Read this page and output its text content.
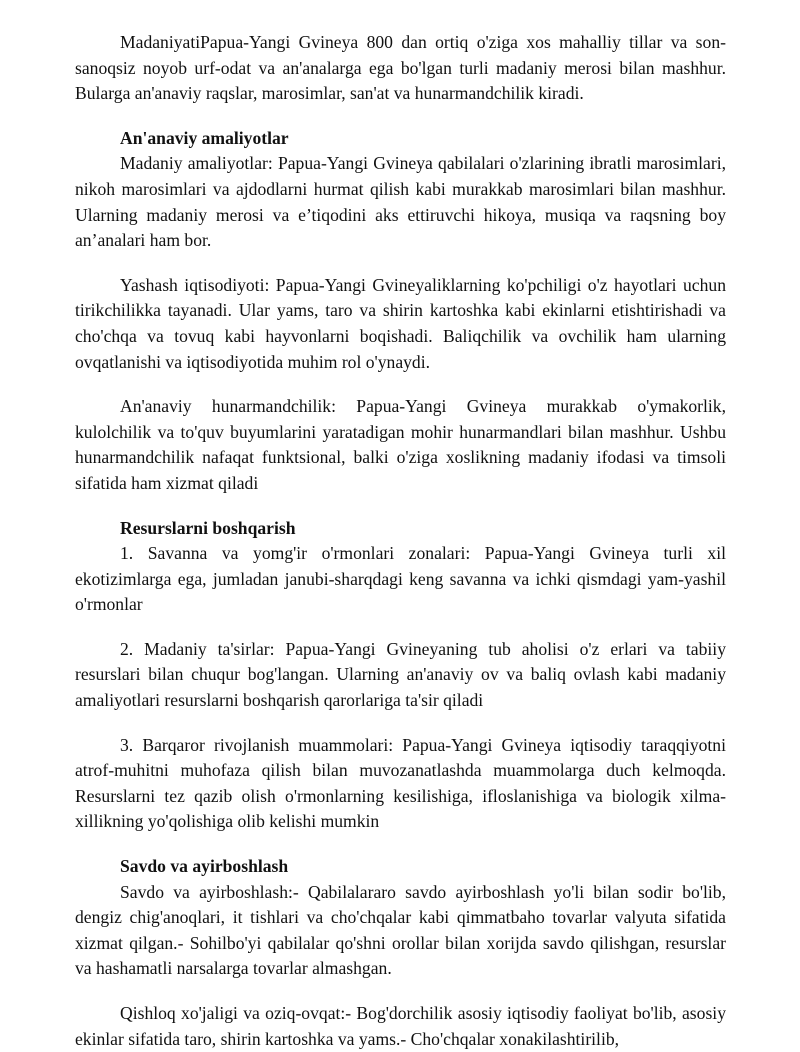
MadaniyatiPapua-Yangi Gvineya 800 dan ortiq o'ziga xos mahalliy tillar va son-sanoqsiz noyob urf-odat va an'analarga ega bo'lgan turli madaniy merosi bilan mashhur. Bularga an'anaviy raqslar, marosimlar, san'at va hunarmandchilik kiradi.

An'anaviy amaliyotlar

Madaniy amaliyotlar: Papua-Yangi Gvineya qabilalari o'zlarining ibratli marosimlari, nikoh marosimlari va ajdodlarni hurmat qilish kabi murakkab marosimlari bilan mashhur. Ularning madaniy merosi va e’tiqodini aks ettiruvchi hikoya, musiqa va raqsning boy an’analari ham bor.

Yashash iqtisodiyoti: Papua-Yangi Gvineyaliklarning ko'pchiligi o'z hayotlari uchun tirikchilikka tayanadi. Ular yams, taro va shirin kartoshka kabi ekinlarni etishtirishadi va cho'chqa va tovuq kabi hayvonlarni boqishadi. Baliqchilik va ovchilik ham ularning ovqatlanishi va iqtisodiyotida muhim rol o'ynaydi.

An'anaviy hunarmandchilik: Papua-Yangi Gvineya murakkab o'ymakorlik, kulolchilik va to'quv buyumlarini yaratadigan mohir hunarmandlari bilan mashhur. Ushbu hunarmandchilik nafaqat funktsional, balki o'ziga xoslikning madaniy ifodasi va timsoli sifatida ham xizmat qiladi

Resurslarni boshqarish

1. Savanna va yomg'ir o'rmonlari zonalari: Papua-Yangi Gvineya turli xil ekotizimlarga ega, jumladan janubi-sharqdagi keng savanna va ichki qismdagi yam-yashil o'rmonlar

2. Madaniy ta'sirlar: Papua-Yangi Gvineyaning tub aholisi o'z erlari va tabiiy resurslari bilan chuqur bog'langan. Ularning an'anaviy ov va baliq ovlash kabi madaniy amaliyotlari resurslarni boshqarish qarorlariga ta'sir qiladi

3. Barqaror rivojlanish muammolari: Papua-Yangi Gvineya iqtisodiy taraqqiyotni atrof-muhitni muhofaza qilish bilan muvozanatlashda muammolarga duch kelmoqda. Resurslarni tez qazib olish o'rmonlarning kesilishiga, ifloslanishiga va biologik xilma-xillikning yo'qolishiga olib kelishi mumkin

Savdo va ayirboshlash

Savdo va ayirboshlash:- Qabilalararo savdo ayirboshlash yo'li bilan sodir bo'lib, dengiz chig'anoqlari, it tishlari va cho'chqalar kabi qimmatbaho tovarlar valyuta sifatida xizmat qilgan.- Sohilbo'yi qabilalar qo'shni orollar bilan xorijda savdo qilishgan, resurslar va hashamatli narsalarga tovarlar almashgan.

Qishloq xo'jaligi va oziq-ovqat:- Bog'dorchilik asosiy iqtisodiy faoliyat bo'lib, asosiy ekinlar sifatida taro, shirin kartoshka va yams.- Cho'chqalar xonakilashtirilib,
